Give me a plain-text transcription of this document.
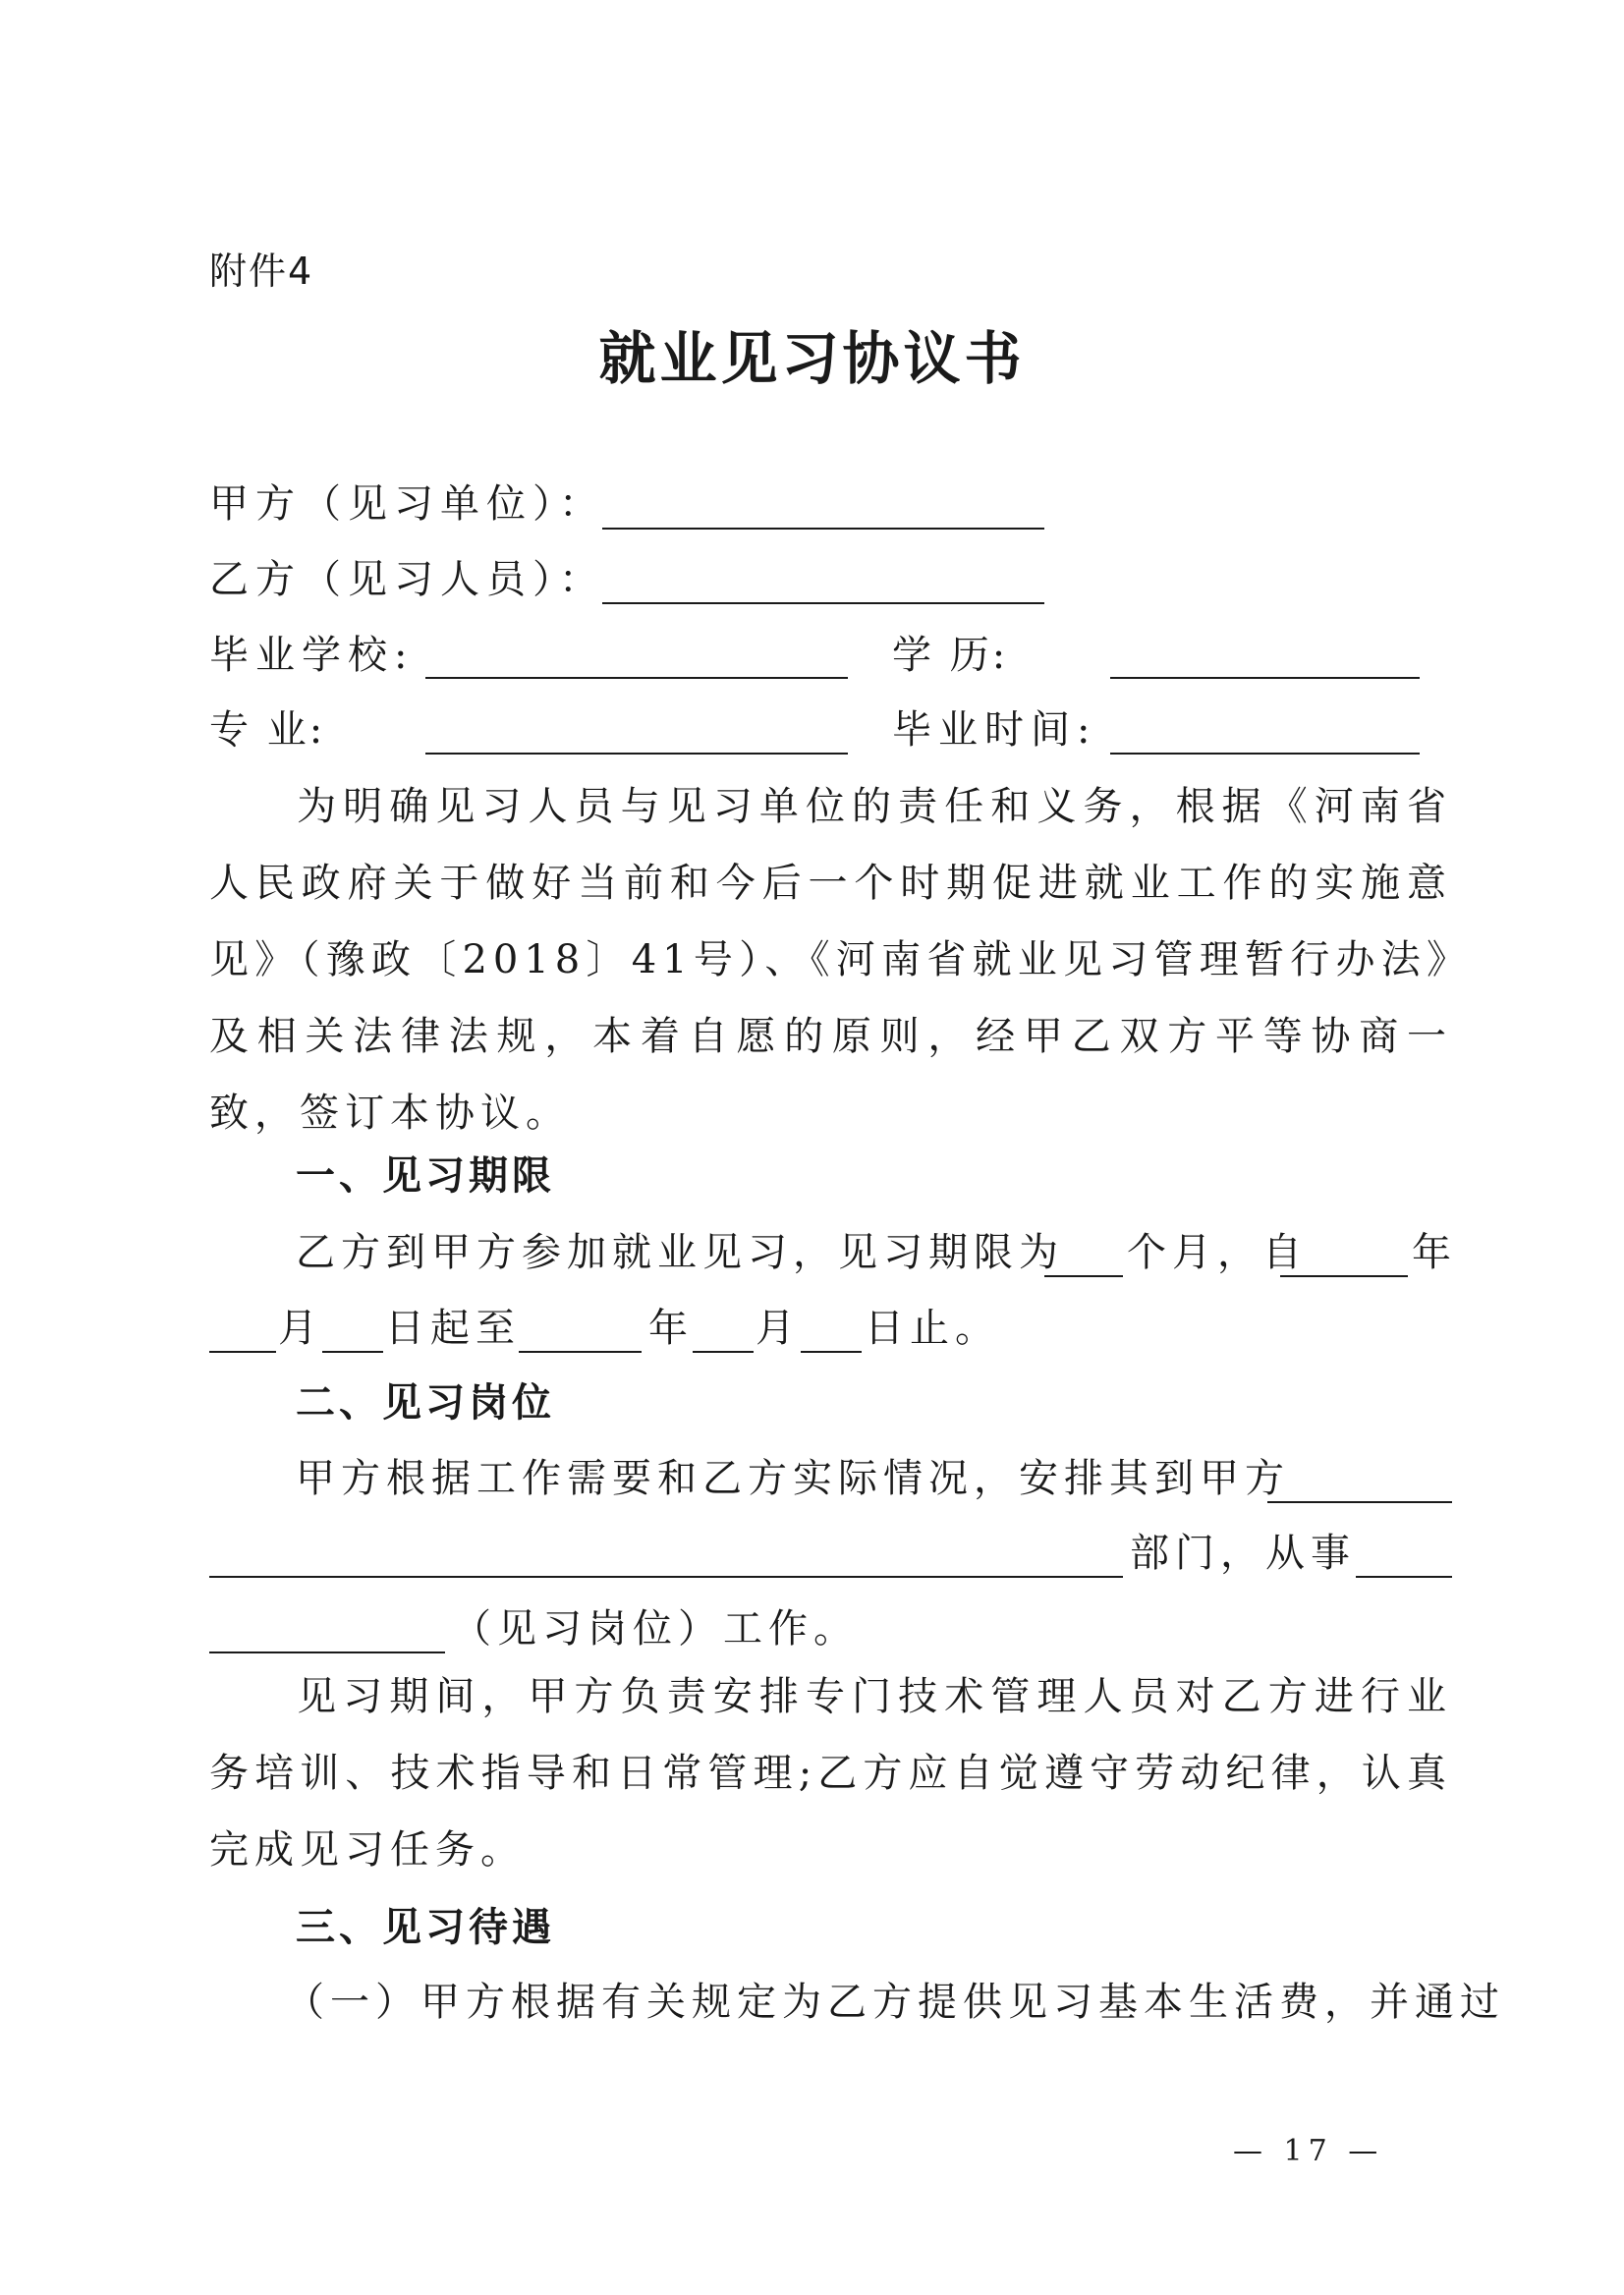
附件4
就业见习协议书
甲方（见习单位）：
乙方（见习人员）：
毕业学校:	学 历:
专 业:	毕业时间:
为明确见习人员与见习单位的责任和义务，根据《河南省人民政府关于做好当前和今后一个时期促进就业工作的实施意见》（豫政〔2018〕41号）、《河南省就业见习管理暂行办法》及相关法律法规，本着自愿的原则，经甲乙双方平等协商一致，签订本协议。
一、见习期限
乙方到甲方参加就业见习，见习期限为 个月，自	年
月 日起至	年 月 日止。
二、见习岗位
甲方根据工作需要和乙方实际情况，安排其到甲方
部门，从事
（见习岗位）工作。
见习期间，甲方负责安排专门技术管理人员对乙方进行业务培训、技术指导和日常管理;乙方应自觉遵守劳动纪律，认真完成见习任务。
三、见习待遇
（一）甲方根据有关规定为乙方提供见习基本生活费，并通过
— 17 —
